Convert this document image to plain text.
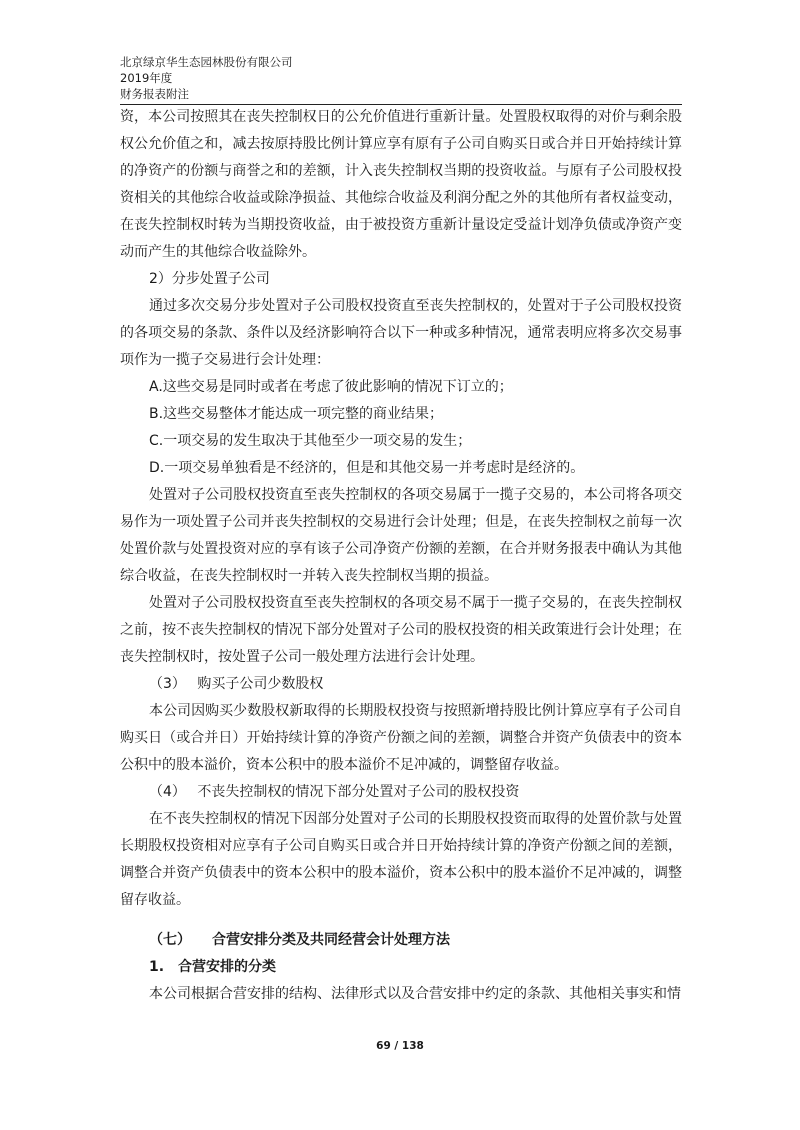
北京绿京华生态园林股份有限公司
2019年度
财务报表附注

资，本公司按照其在丧失控制权日的公允价值进行重新计量。处置股权取得的对价与剩余股权公允价值之和，减去按原持股比例计算应享有原有子公司自购买日或合并日开始持续计算的净资产的份额与商誉之和的差额，计入丧失控制权当期的投资收益。与原有子公司股权投资相关的其他综合收益或除净损益、其他综合收益及利润分配之外的其他所有者权益变动，在丧失控制权时转为当期投资收益，由于被投资方重新计量设定受益计划净负债或净资产变动而产生的其他综合收益除外。

2）分步处置子公司

通过多次交易分步处置对子公司股权投资直至丧失控制权的，处置对于子公司股权投资的各项交易的条款、条件以及经济影响符合以下一种或多种情况，通常表明应将多次交易事项作为一揽子交易进行会计处理：

A.这些交易是同时或者在考虑了彼此影响的情况下订立的；

B.这些交易整体才能达成一项完整的商业结果；

C.一项交易的发生取决于其他至少一项交易的发生；

D.一项交易单独看是不经济的，但是和其他交易一并考虑时是经济的。

处置对子公司股权投资直至丧失控制权的各项交易属于一揽子交易的，本公司将各项交易作为一项处置子公司并丧失控制权的交易进行会计处理；但是，在丧失控制权之前每一次处置价款与处置投资对应的享有该子公司净资产份额的差额，在合并财务报表中确认为其他综合收益，在丧失控制权时一并转入丧失控制权当期的损益。

处置对子公司股权投资直至丧失控制权的各项交易不属于一揽子交易的，在丧失控制权之前，按不丧失控制权的情况下部分处置对子公司的股权投资的相关政策进行会计处理；在丧失控制权时，按处置子公司一般处理方法进行会计处理。

（3）　 购买子公司少数股权

本公司因购买少数股权新取得的长期股权投资与按照新增持股比例计算应享有子公司自购买日（或合并日）开始持续计算的净资产份额之间的差额，调整合并资产负债表中的资本公积中的股本溢价，资本公积中的股本溢价不足冲减的，调整留存收益。

（4）　 不丧失控制权的情况下部分处置对子公司的股权投资

在不丧失控制权的情况下因部分处置对子公司的长期股权投资而取得的处置价款与处置长期股权投资相对应享有子公司自购买日或合并日开始持续计算的净资产份额之间的差额，调整合并资产负债表中的资本公积中的股本溢价，资本公积中的股本溢价不足冲减的，调整留存收益。

（七）　　合营安排分类及共同经营会计处理方法

1.　合营安排的分类

本公司根据合营安排的结构、法律形式以及合营安排中约定的条款、其他相关事实和情

69 / 138
